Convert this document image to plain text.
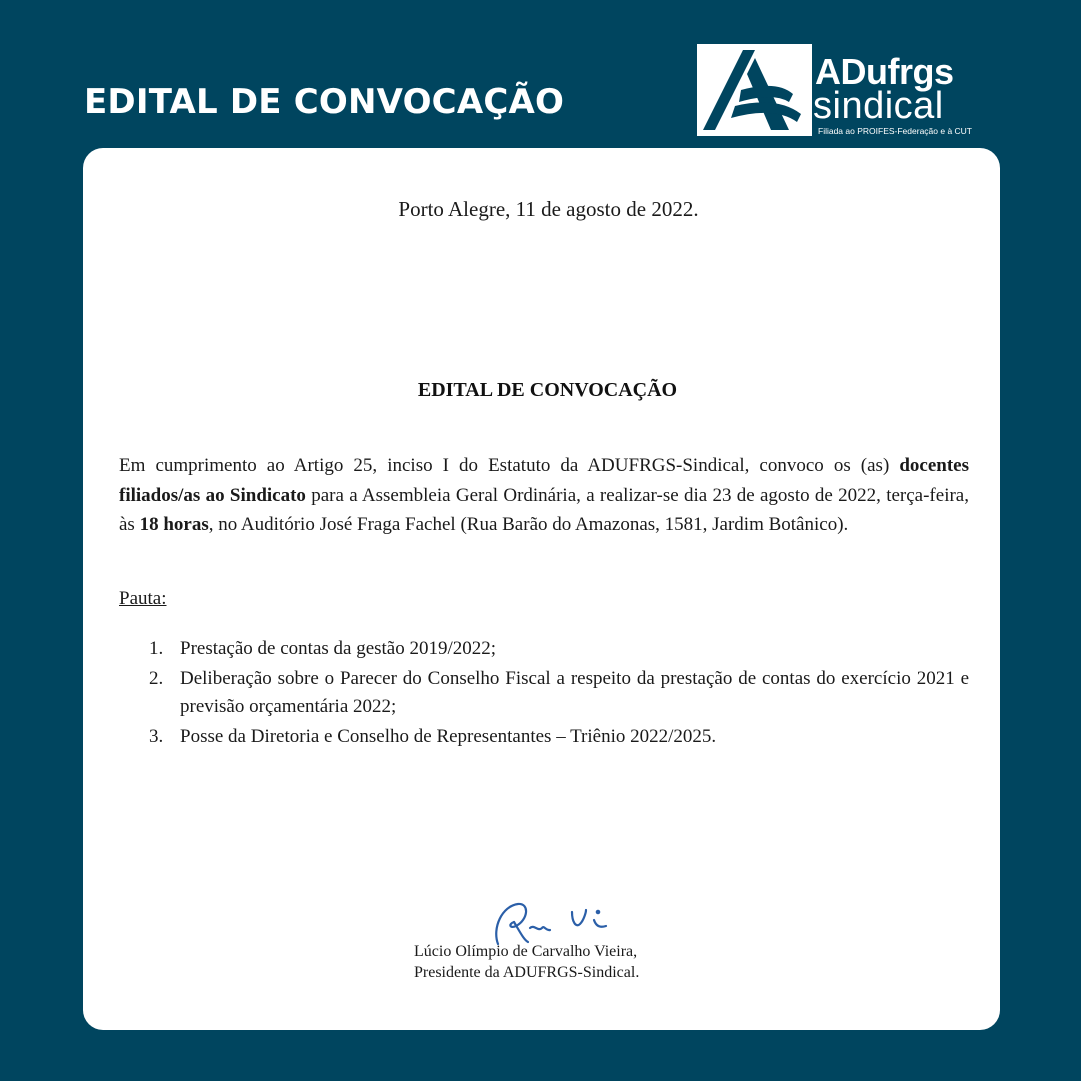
EDITAL DE CONVOCAÇÃO
ADufrgs
sindical
Filiada ao PROIFES-Federação e à CUT
Porto Alegre, 11 de agosto de 2022.
EDITAL DE CONVOCAÇÃO

Em cumprimento ao Artigo 25, inciso I do Estatuto da ADUFRGS-Sindical, convoco os (as) docentes filiados/as ao Sindicato para a Assembleia Geral Ordinária, a realizar-se dia 23 de agosto de 2022, terça-feira, às 18 horas, no Auditório José Fraga Fachel (Rua Barão do Amazonas, 1581, Jardim Botânico).

Pauta:
1. Prestação de contas da gestão 2019/2022;
2. Deliberação sobre o Parecer do Conselho Fiscal a respeito da prestação de contas do exercício 2021 e previsão orçamentária 2022;
3. Posse da Diretoria e Conselho de Representantes – Triênio 2022/2025.
Lúcio Olímpio de Carvalho Vieira,
Presidente da ADUFRGS-Sindical.
